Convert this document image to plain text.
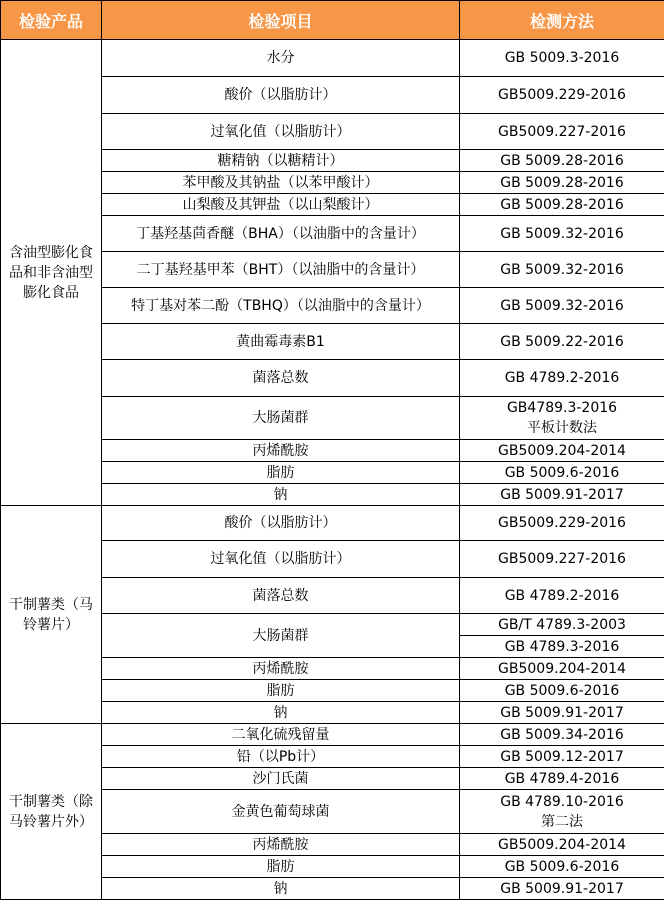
检验产品	检验项目	检测方法
含油型膨化食品和非含油型膨化食品	水分	GB 5009.3-2016

	酸价（以脂肪计）	GB5009.229-2016

	过氧化值（以脂肪计）	GB5009.227-2016

	糖精钠（以糖精计）	GB 5009.28-2016

	苯甲酸及其钠盐（以苯甲酸计）	GB 5009.28-2016

	山梨酸及其钾盐（以山梨酸计）	GB 5009.28-2016

	丁基羟基茴香醚（BHA）（以油脂中的含量计）	GB 5009.32-2016

	二丁基羟基甲苯（BHT）（以油脂中的含量计）	GB 5009.32-2016

	特丁基对苯二酚（TBHQ）（以油脂中的含量计）	GB 5009.32-2016

	黄曲霉毒素B1	GB 5009.22-2016

	菌落总数	GB 4789.2-2016

	大肠菌群	GB4789.3-2016
平板计数法

	丙烯酰胺	GB5009.204-2014

	脂肪	GB 5009.6-2016

	钠	GB 5009.91-2017

干制薯类（马铃薯片）	酸价（以脂肪计）	GB5009.229-2016

	过氧化值（以脂肪计）	GB5009.227-2016

	菌落总数	GB 4789.2-2016

	大肠菌群	GB/T 4789.3-2003

		GB 4789.3-2016

	丙烯酰胺	GB5009.204-2014

	脂肪	GB 5009.6-2016

	钠	GB 5009.91-2017

干制薯类（除马铃薯片外）	二氧化硫残留量	GB 5009.34-2016

	铅（以Pb计）	GB 5009.12-2017

	沙门氏菌	GB 4789.4-2016

	金黄色葡萄球菌	GB 4789.10-2016
第二法

	丙烯酰胺	GB5009.204-2014

	脂肪	GB 5009.6-2016

	钠	GB 5009.91-2017
